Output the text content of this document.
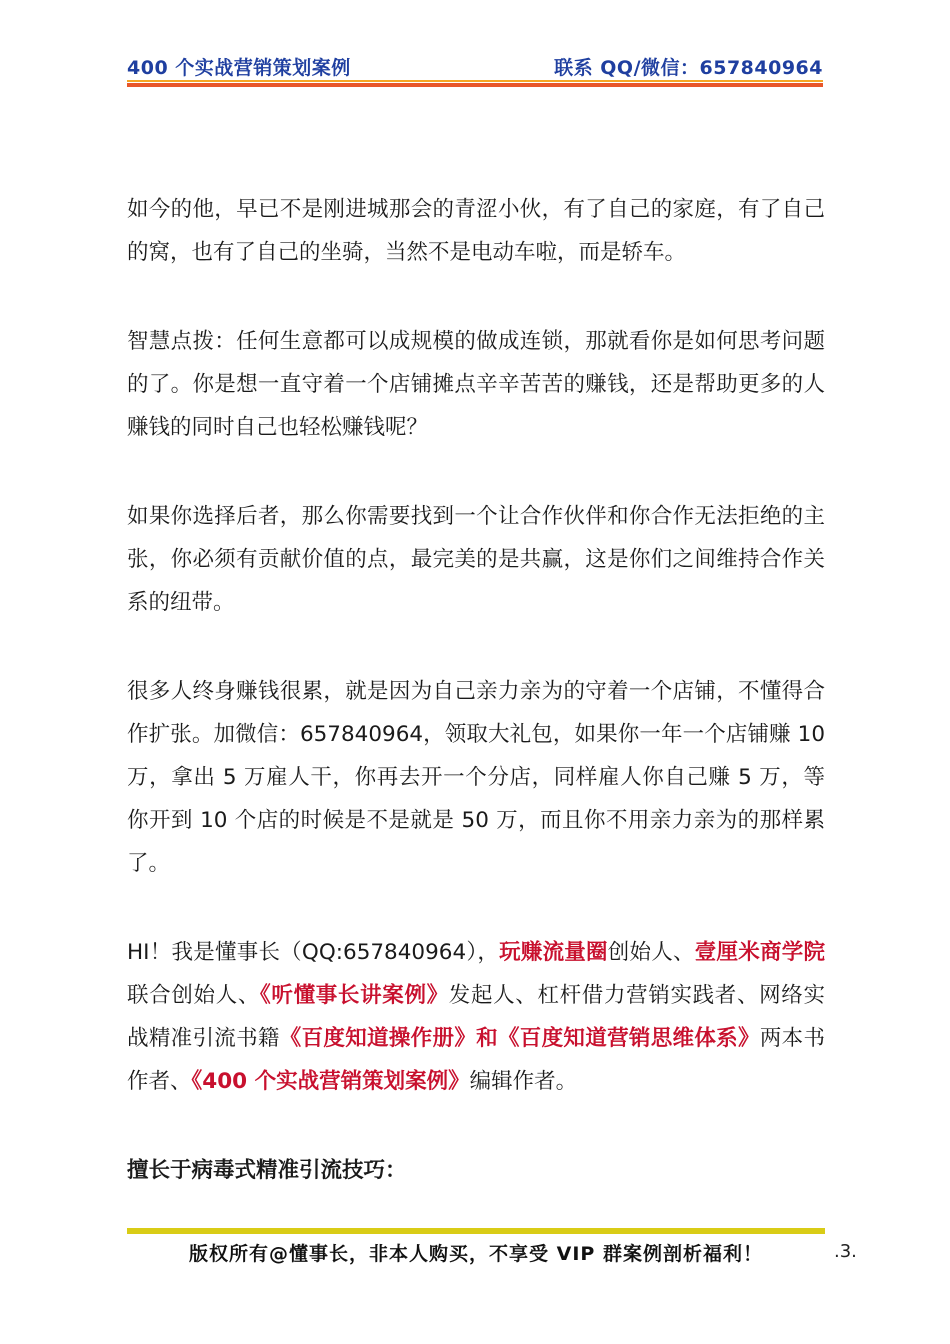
400 个实战营销策划案例	联系 QQ/微信：657840964

如今的他，早已不是刚进城那会的青涩小伙，有了自己的家庭，有了自己的窝，也有了自己的坐骑，当然不是电动车啦，而是轿车。

智慧点拨：任何生意都可以成规模的做成连锁，那就看你是如何思考问题的了。你是想一直守着一个店铺摊点辛辛苦苦的赚钱，还是帮助更多的人赚钱的同时自己也轻松赚钱呢？

如果你选择后者，那么你需要找到一个让合作伙伴和你合作无法拒绝的主张，你必须有贡献价值的点，最完美的是共赢，这是你们之间维持合作关系的纽带。

很多人终身赚钱很累，就是因为自己亲力亲为的守着一个店铺，不懂得合作扩张。加微信：657840964，领取大礼包，如果你一年一个店铺赚 10 万，拿出 5 万雇人干，你再去开一个分店，同样雇人你自己赚 5 万，等你开到 10 个店的时候是不是就是 50 万，而且你不用亲力亲为的那样累了。

HI！我是懂事长（QQ:657840964），玩赚流量圈创始人、壹厘米商学院联合创始人、《听懂事长讲案例》发起人、杠杆借力营销实践者、网络实战精准引流书籍《百度知道操作册》和《百度知道营销思维体系》两本书作者、《400 个实战营销策划案例》编辑作者。

擅长于病毒式精准引流技巧：

版权所有@懂事长，非本人购买，不享受 VIP 群案例剖析福利！	.3.
